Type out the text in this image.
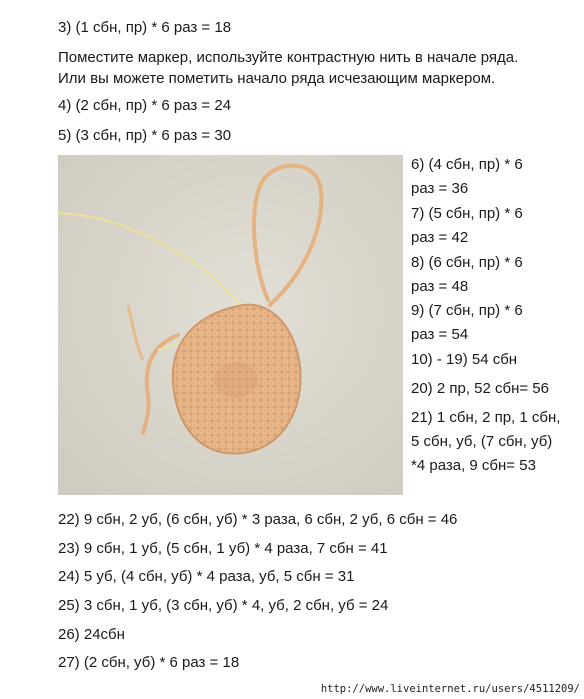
3) (1 сбн, пр) * 6 раз = 18
Поместите маркер, используйте контрастную нить в начале ряда.
Или вы можете пометить начало ряда исчезающим маркером.
4) (2 сбн, пр) * 6 раз = 24
5) (3 сбн, пр) * 6 раз = 30
6) (4 сбн, пр) * 6
раз = 36
7) (5 сбн, пр) * 6
раз = 42
8) (6 сбн, пр) * 6
раз = 48
9) (7 сбн, пр) * 6
раз = 54
10) - 19) 54 сбн
20) 2 пр, 52 сбн= 56
21) 1 сбн, 2 пр, 1 сбн,
5 сбн, уб, (7 сбн, уб)
*4 раза, 9 сбн= 53
22) 9 сбн, 2 уб, (6 сбн, уб) * 3 раза, 6 сбн, 2 уб, 6 сбн = 46
23) 9 сбн, 1 уб, (5 сбн, 1 уб) * 4 раза, 7 сбн = 41
24) 5 уб, (4 сбн, уб) * 4 раза, уб, 5 сбн = 31
25) 3 сбн, 1 уб, (3 сбн, уб) * 4, уб, 2 сбн, уб = 24
26) 24сбн
27) (2 сбн, уб) * 6 раз = 18
http://www.liveinternet.ru/users/4511209/
